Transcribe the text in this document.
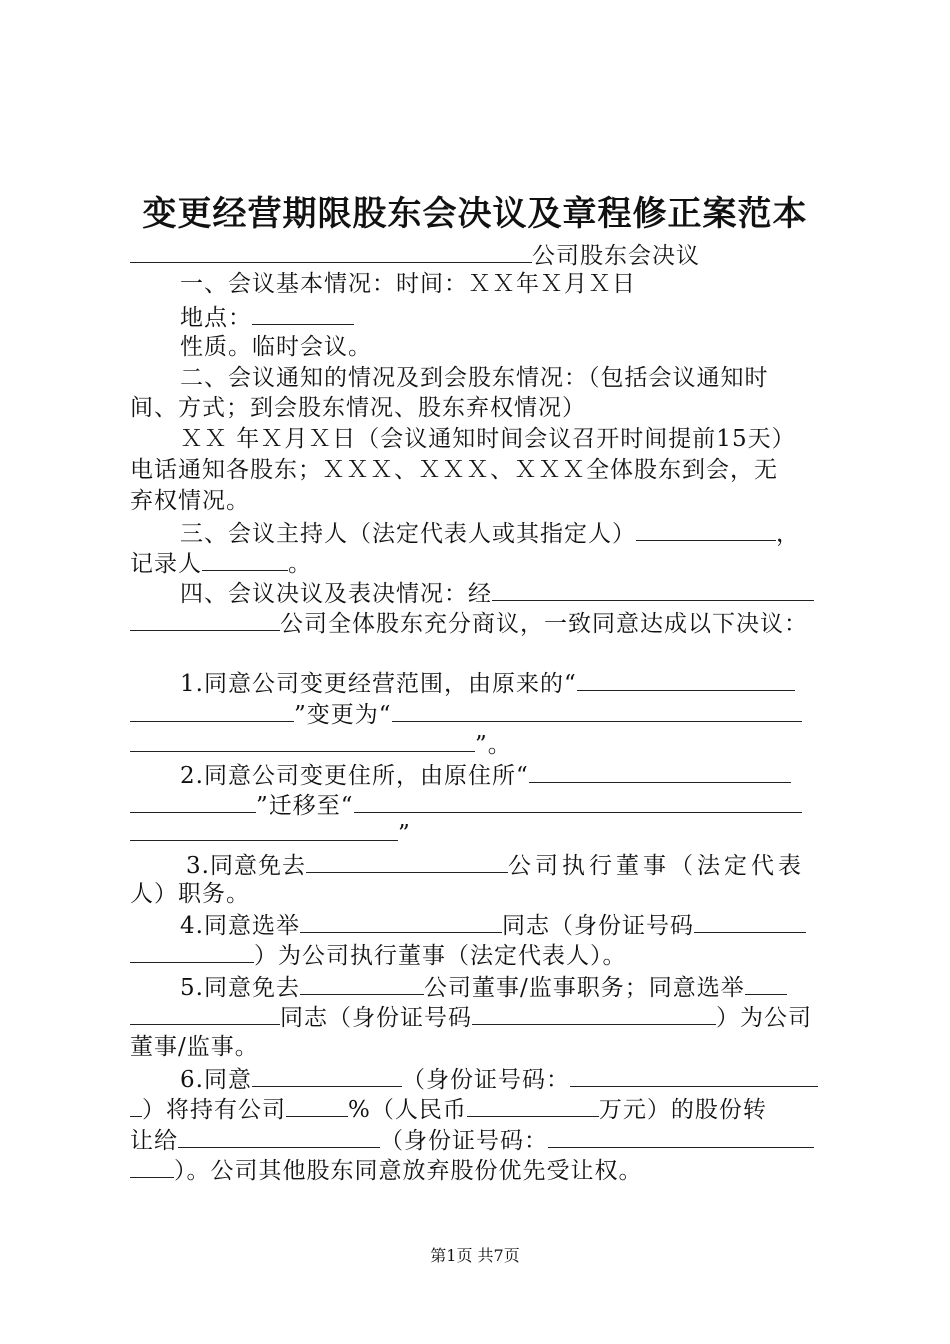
变更经营期限股东会决议及章程修正案范本
公司股东会决议
一、会议基本情况：时间：ＸＸ年Ｘ月Ｘ日
地点：
性质。临时会议。
二、会议通知的情况及到会股东情况：（包括会议通知时
间、方式；到会股东情况、股东弃权情况）
ＸＸ 年Ｘ月Ｘ日（会议通知时间会议召开时间提前15天）
电话通知各股东；ＸＸＸ、ＸＸＸ、ＸＸＸ全体股东到会，无
弃权情况。
三、会议主持人（法定代表人或其指定人）	，
记录人	。
四、会议决议及表决情况：经
公司全体股东充分商议，一致同意达成以下决议：
1.同意公司变更经营范围，由原来的“
”变更为“
”。
2.同意公司变更住所，由原住所“
”迁移至“
”
3.同意免去	公司执行董事（法定代表
人）职务。
4.同意选举	同志（身份证号码
）为公司执行董事（法定代表人）。
5.同意免去	公司董事/监事职务；同意选举
同志（身份证号码	）为公司
董事/监事。
6.同意	（身份证号码：
）将持有公司	%（人民币	万元）的股份转
让给	（身份证号码：
）。公司其他股东同意放弃股份优先受让权。
第1页 共7页
